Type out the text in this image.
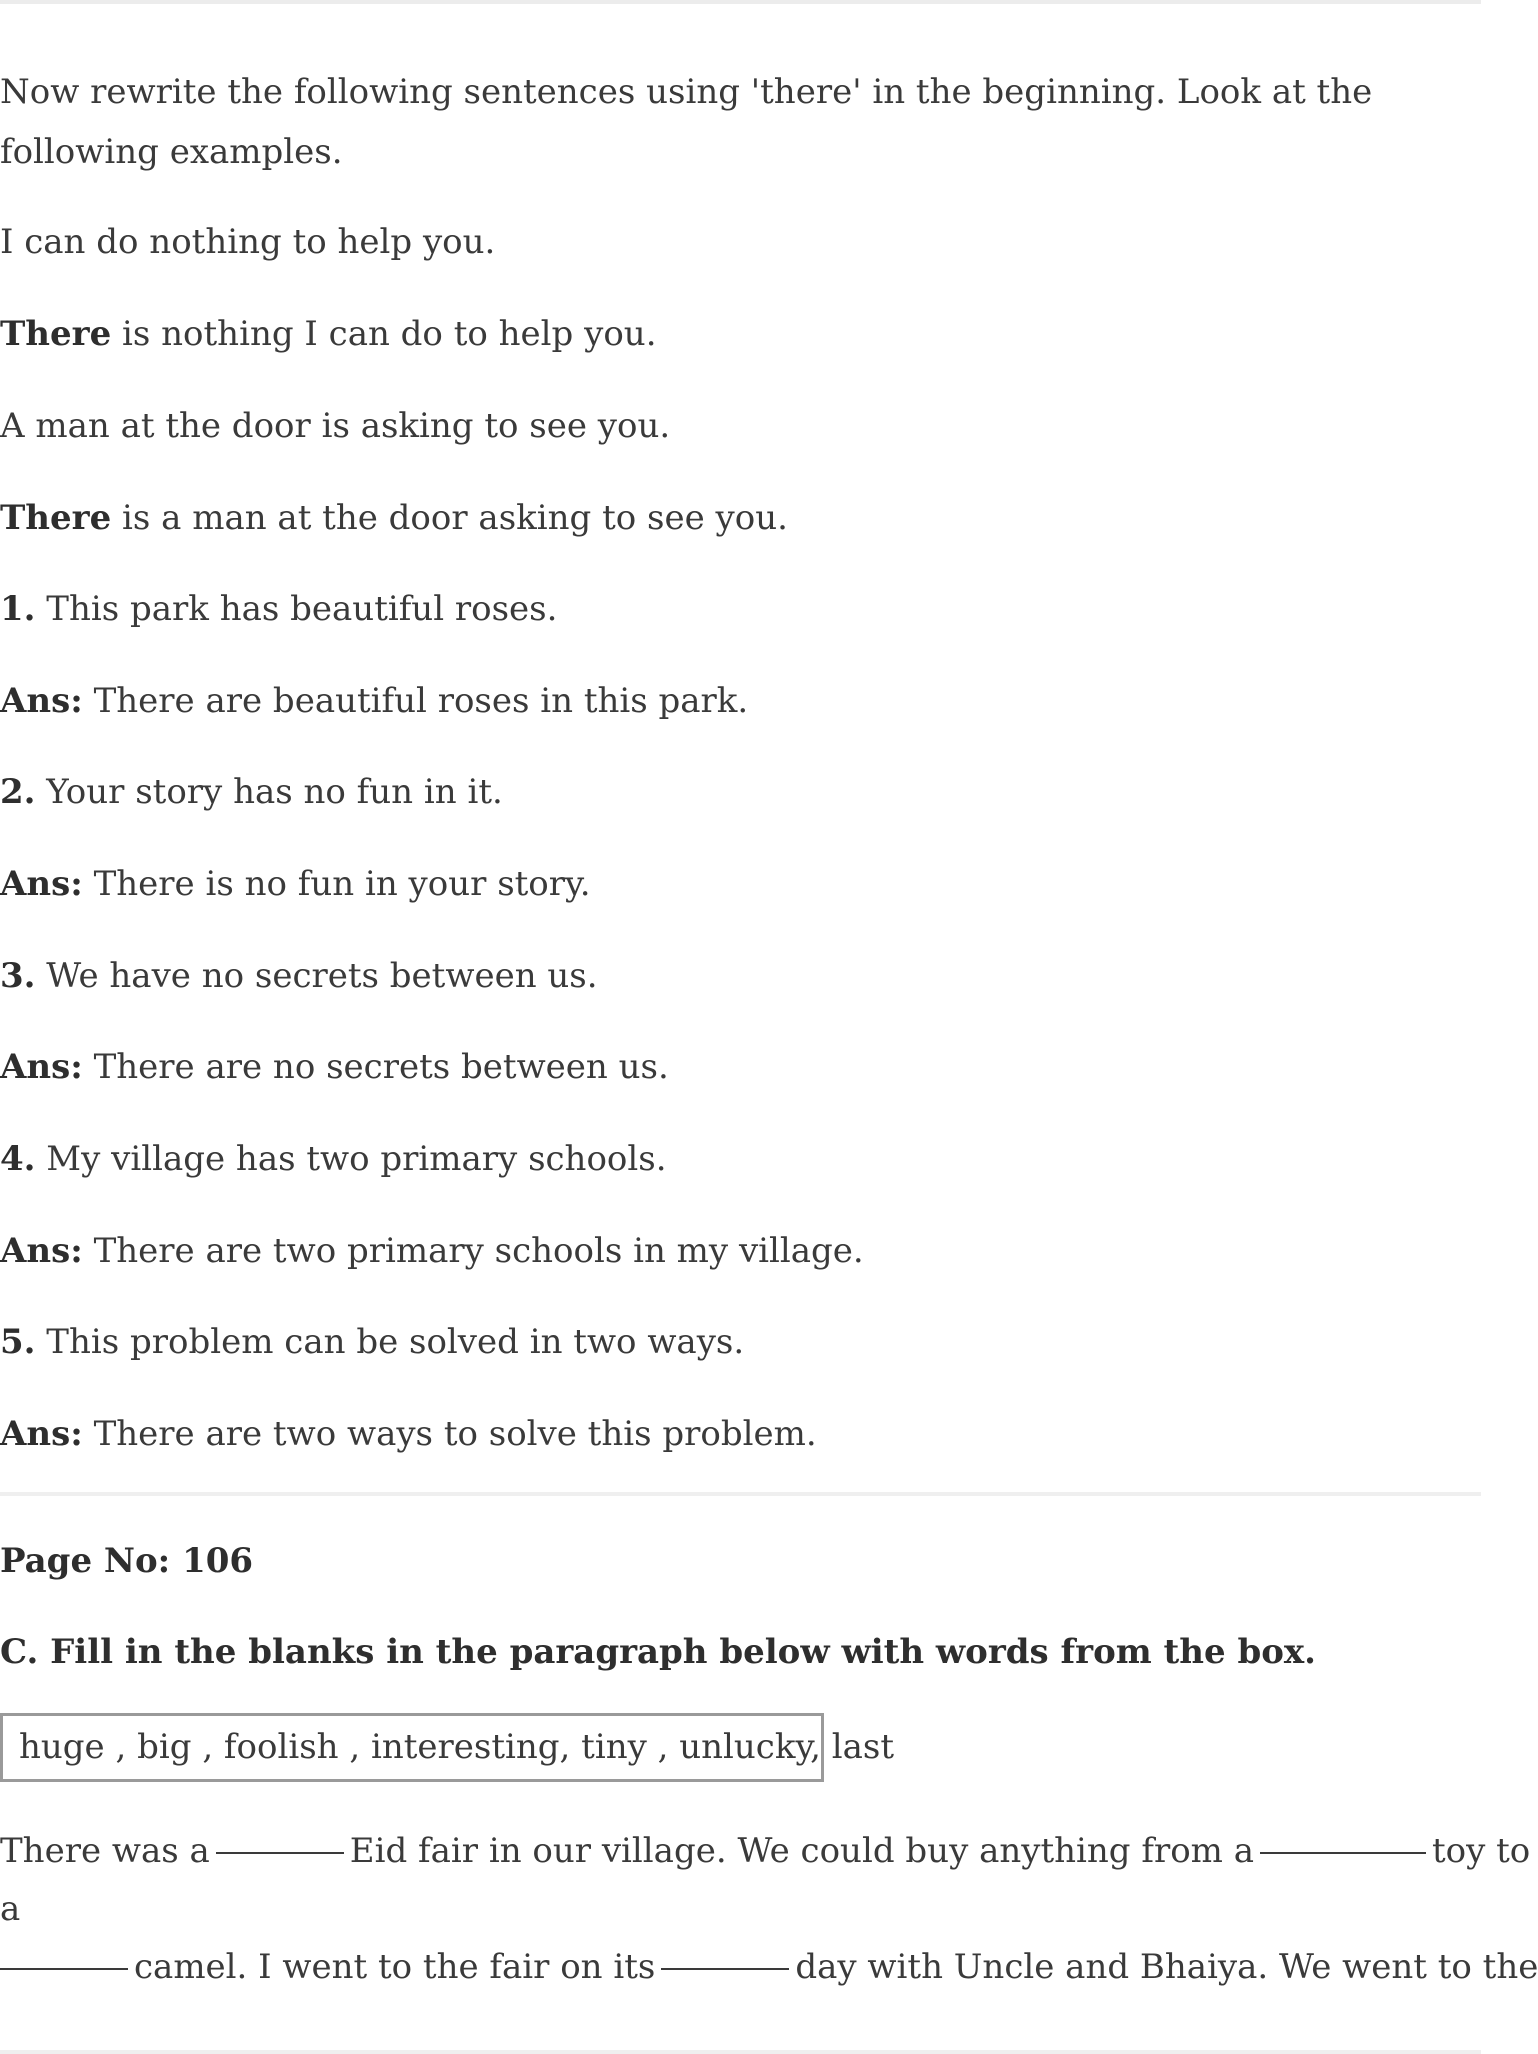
Now rewrite the following sentences using 'there' in the beginning. Look at the following examples.
I can do nothing to help you.
There is nothing I can do to help you.
A man at the door is asking to see you.
There is a man at the door asking to see you.
1. This park has beautiful roses.
Ans: There are beautiful roses in this park.
2. Your story has no fun in it.
Ans: There is no fun in your story.
3. We have no secrets between us.
Ans: There are no secrets between us.
4. My village has two primary schools.
Ans: There are two primary schools in my village.
5. This problem can be solved in two ways.
Ans: There are two ways to solve this problem.
Page No: 106
C. Fill in the blanks in the paragraph below with words from the box.
huge , big , foolish , interesting, tiny , unlucky, last
There was a	Eid fair in our village. We could buy anything from a	toy to
a
camel. I went to the fair on its	day with Uncle and Bhaiya. We went to the
